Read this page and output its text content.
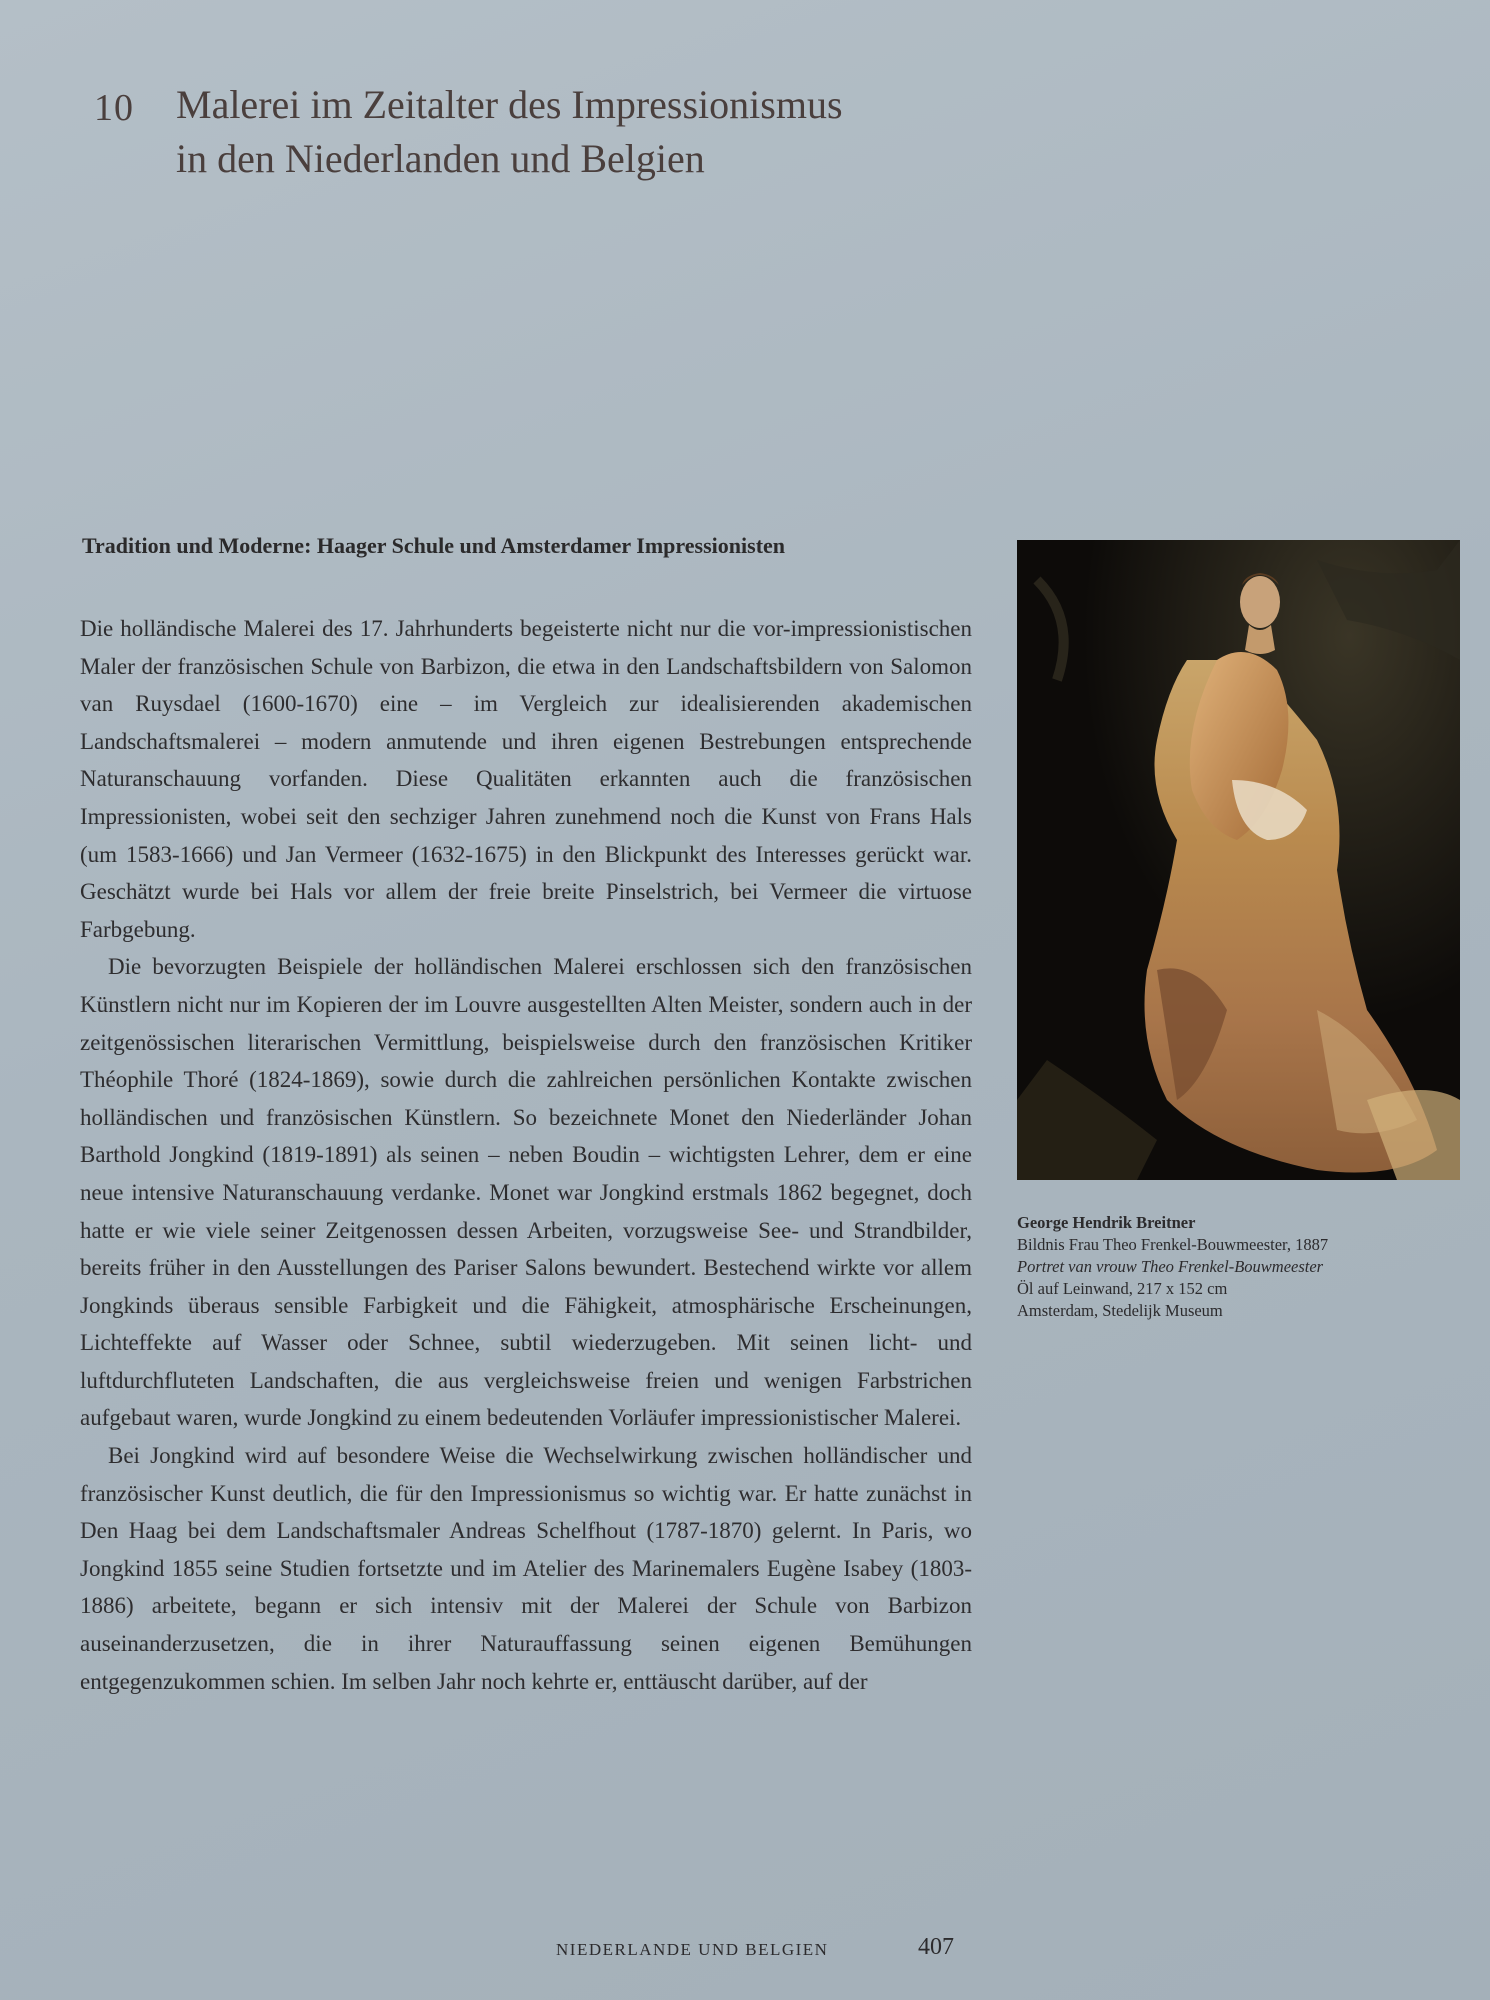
10 Malerei im Zeitalter des Impressionismus
in den Niederlanden und Belgien
Tradition und Moderne: Haager Schule und Amsterdamer Impressionisten

Die holländische Malerei des 17. Jahrhunderts begeisterte nicht nur die vor-impressionistischen Maler der französischen Schule von Barbizon, die etwa in den Landschaftsbildern von Salomon van Ruysdael (1600-1670) eine – im Vergleich zur idealisierenden akademischen Landschaftsmalerei – modern anmutende und ihren eigenen Bestrebungen entsprechende Naturanschauung vorfanden. Diese Qualitäten erkannten auch die französischen Impressionisten, wobei seit den sechziger Jahren zunehmend noch die Kunst von Frans Hals (um 1583-1666) und Jan Vermeer (1632-1675) in den Blickpunkt des Interesses gerückt war. Geschätzt wurde bei Hals vor allem der freie breite Pinselstrich, bei Vermeer die virtuose Farbgebung.

Die bevorzugten Beispiele der holländischen Malerei erschlossen sich den französischen Künstlern nicht nur im Kopieren der im Louvre ausgestellten Alten Meister, sondern auch in der zeitgenössischen literarischen Vermittlung, beispielsweise durch den französischen Kritiker Théophile Thoré (1824-1869), sowie durch die zahlreichen persönlichen Kontakte zwischen holländischen und französischen Künstlern. So bezeichnete Monet den Niederländer Johan Barthold Jongkind (1819-1891) als seinen – neben Boudin – wichtigsten Lehrer, dem er eine neue intensive Naturanschauung verdanke. Monet war Jongkind erstmals 1862 begegnet, doch hatte er wie viele seiner Zeitgenossen dessen Arbeiten, vorzugsweise See- und Strandbilder, bereits früher in den Ausstellungen des Pariser Salons bewundert. Bestechend wirkte vor allem Jongkinds überaus sensible Farbigkeit und die Fähigkeit, atmosphärische Erscheinungen, Lichteffekte auf Wasser oder Schnee, subtil wiederzugeben. Mit seinen licht- und luftdurchfluteten Landschaften, die aus vergleichsweise freien und wenigen Farbstrichen aufgebaut waren, wurde Jongkind zu einem bedeutenden Vorläufer impressionistischer Malerei.

Bei Jongkind wird auf besondere Weise die Wechselwirkung zwischen holländischer und französischer Kunst deutlich, die für den Impressionismus so wichtig war. Er hatte zunächst in Den Haag bei dem Landschaftsmaler Andreas Schelfhout (1787-1870) gelernt. In Paris, wo Jongkind 1855 seine Studien fortsetzte und im Atelier des Marinemalers Eugène Isabey (1803-1886) arbeitete, begann er sich intensiv mit der Malerei der Schule von Barbizon auseinanderzusetzen, die in ihrer Naturauffassung seinen eigenen Bemühungen entgegenzukommen schien. Im selben Jahr noch kehrte er, enttäuscht darüber, auf der

George Hendrik Breitner
Bildnis Frau Theo Frenkel-Bouwmeester, 1887
Portret van vrouw Theo Frenkel-Bouwmeester
Öl auf Leinwand, 217 x 152 cm
Amsterdam, Stedelijk Museum
NIEDERLANDE UND BELGIEN	407
